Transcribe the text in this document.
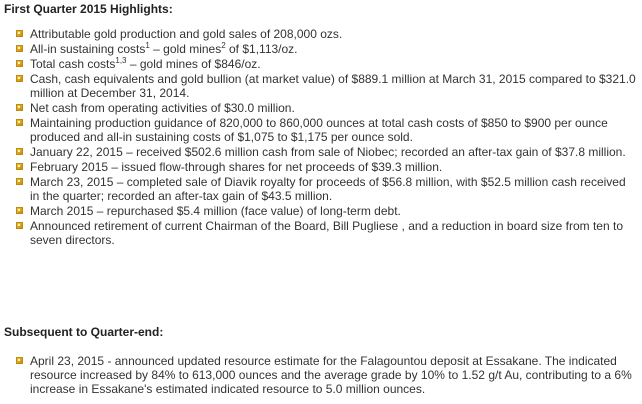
First Quarter 2015 Highlights:
Attributable gold production and gold sales of 208,000 ozs.
All-in sustaining costs$^1$ – gold mines$^2$ of $1,113/oz.
Total cash costs$^{1,3}$ – gold mines of $846/oz.
Cash, cash equivalents and gold bullion (at market value) of $889.1 million at March 31, 2015 compared to $321.0 million at December 31, 2014.
Net cash from operating activities of $30.0 million.
Maintaining production guidance of 820,000 to 860,000 ounces at total cash costs of $850 to $900 per ounce produced and all-in sustaining costs of $1,075 to $1,175 per ounce sold.
January 22, 2015 – received $502.6 million cash from sale of Niobec; recorded an after-tax gain of $37.8 million.
February 2015 – issued flow-through shares for net proceeds of $39.3 million.
March 23, 2015 – completed sale of Diavik royalty for proceeds of $56.8 million, with $52.5 million cash received in the quarter; recorded an after-tax gain of $43.5 million.
March 2015 – repurchased $5.4 million (face value) of long-term debt.
Announced retirement of current Chairman of the Board, Bill Pugliese , and a reduction in board size from ten to seven directors.
Subsequent to Quarter-end:
April 23, 2015 - announced updated resource estimate for the Falagountou deposit at Essakane. The indicated resource increased by 84% to 613,000 ounces and the average grade by 10% to 1.52 g/t Au, contributing to a 6% increase in Essakane's estimated indicated resource to 5.0 million ounces.
